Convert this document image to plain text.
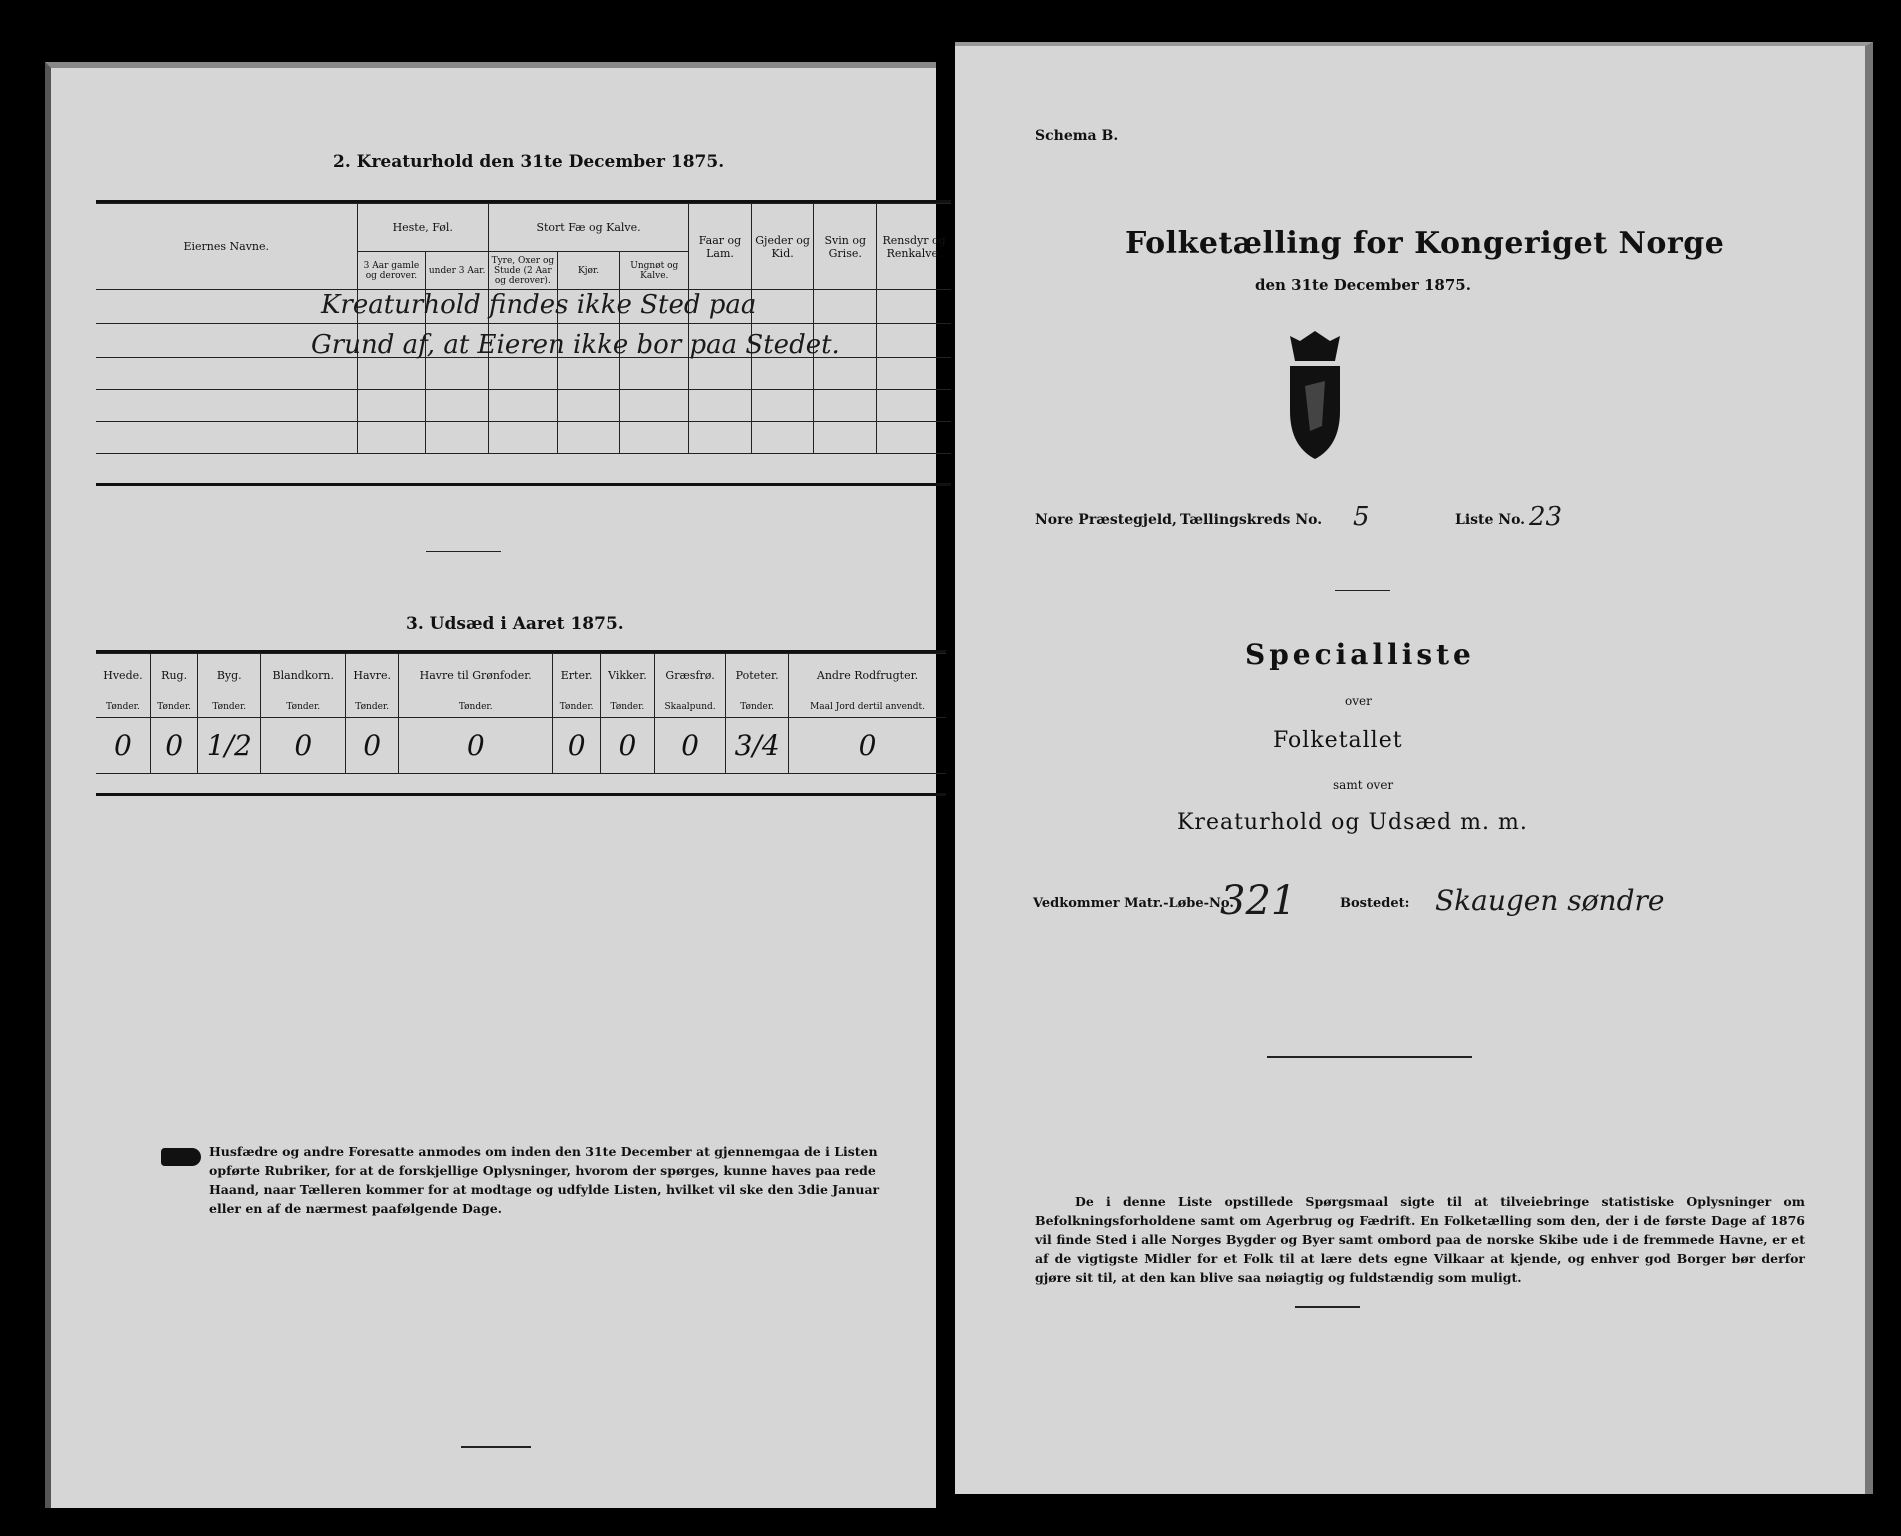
2. Kreaturhold den 31te December 1875.
Eiernes Navne.	Heste, Føl.		Stort Fæ og Kalve.			Faar og Lam.	Gjeder og Kid.	Svin og Grise.	Rensdyr og Renkalve.
	3 Aar gamle og derover.	under 3 Aar.	Tyre, Oxer og Stude (2 Aar og derover).	Kjør.	Ungnøt og Kalve.				

Kreaturhold findes ikke Sted paa
Grund af, at Eieren ikke bor paa Stedet.
3. Udsæd i Aaret 1875.
Hvede.	Rug.	Byg.	Blandkorn.	Havre.	Havre til Grønfoder.	Erter.	Vikker.	Græsfrø.	Poteter.	Andre Rodfrugter.
Tønder.	Tønder.	Tønder.	Tønder.	Tønder.	Tønder.	Tønder.	Tønder.	Skaalpund.	Tønder.	Maal Jord dertil anvendt.
0	0	1/2	0	0	0	0	0	0	3/4	0
Husfædre og andre Foresatte anmodes om inden den 31te December at gjennemgaa de i Listen opførte Rubriker, for at de forskjellige Oplysninger, hvorom der spørges, kunne haves paa rede Haand, naar Tælleren kommer for at modtage og udfylde Listen, hvilket vil ske den 3die Januar eller en af de nærmest paafølgende Dage.
Schema B.
Folketælling for Kongeriget Norge
den 31te December 1875.
Nore Præstegjeld, Tællingskreds No. 5	Liste No. 23
Specialliste
over
Folketallet
samt over
Kreaturhold og Udsæd m. m.
Vedkommer Matr.-Løbe-No.
321	Bostedet: Skaugen søndre
De i denne Liste opstillede Spørgsmaal sigte til at tilveiebringe statistiske Oplysninger om Befolkningsforholdene samt om Agerbrug og Fædrift. En Folketælling som den, der i de første Dage af 1876 vil finde Sted i alle Norges Bygder og Byer samt ombord paa de norske Skibe ude i de fremmede Havne, er et af de vigtigste Midler for et Folk til at lære dets egne Vilkaar at kjende, og enhver god Borger bør derfor gjøre sit til, at den kan blive saa nøiagtig og fuldstændig som muligt.
